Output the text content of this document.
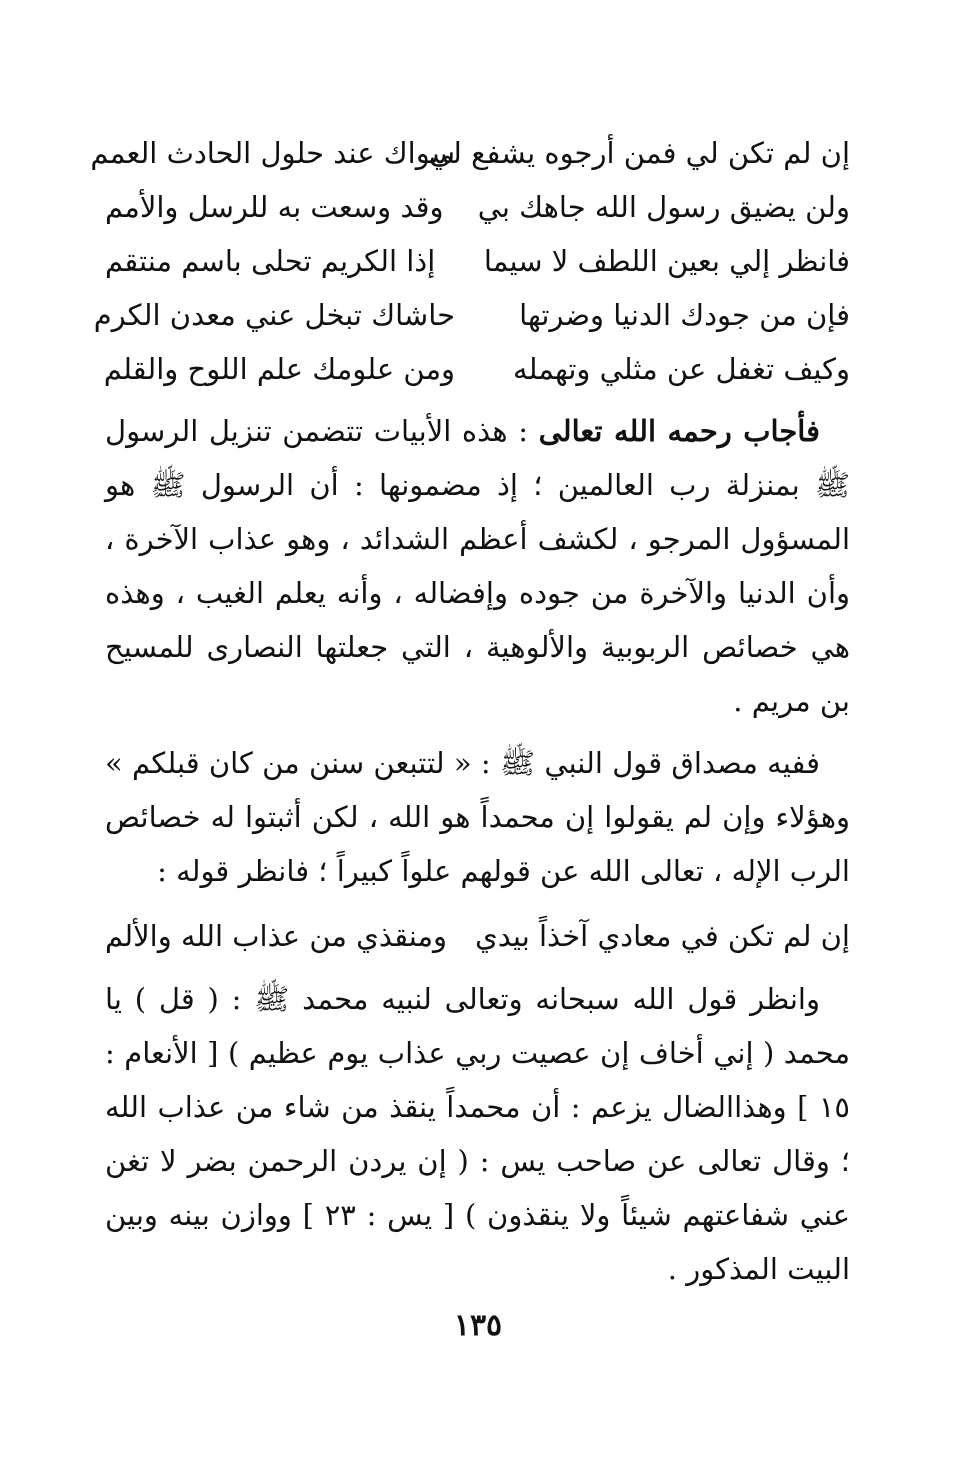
إن لم تكن لي فمن أرجوه يشفع لي
سواك عند حلول الحادث العمم
ولن يضيق رسول الله جاهك بي
وقد وسعت به للرسل والأمم
فانظر إلي بعين اللطف لا سيما
إذا الكريم تحلى باسم منتقم
فإن من جودك الدنيا وضرتها
حاشاك تبخل عني معدن الكرم
وكيف تغفل عن مثلي وتهمله
ومن علومك علم اللوح والقلم

فأجاب رحمه الله تعالى : هذه الأبيات تتضمن تنزيل الرسول ﷺ بمنزلة رب العالمين ؛ إذ مضمونها : أن الرسول ﷺ هو المسؤول المرجو ، لكشف أعظم الشدائد ، وهو عذاب الآخرة ، وأن الدنيا والآخرة من جوده وإفضاله ، وأنه يعلم الغيب ، وهذه هي خصائص الربوبية والألوهية ، التي جعلتها النصارى للمسيح بن مريم .

ففيه مصداق قول النبي ﷺ : « لتتبعن سنن من كان قبلكم » وهؤلاء وإن لم يقولوا إن محمداً هو الله ، لكن أثبتوا له خصائص الرب الإله ، تعالى الله عن قولهم علواً كبيراً ؛ فانظر قوله :

إن لم تكن في معادي آخذاً بيدي
ومنقذي من عذاب الله والألم

وانظر قول الله سبحانه وتعالى لنبيه محمد ﷺ : ( قل ) يا محمد ( إني أخاف إن عصيت ربي عذاب يوم عظيم ) [ الأنعام : ١٥ ] وهذاالضال يزعم : أن محمداً ينقذ من شاء من عذاب الله ؛ وقال تعالى عن صاحب يس : ( إن يردن الرحمن بضر لا تغن عني شفاعتهم شيئاً ولا ينقذون ) [ يس : ٢٣ ] ووازن بينه وبين البيت المذكور .

١٣٥
